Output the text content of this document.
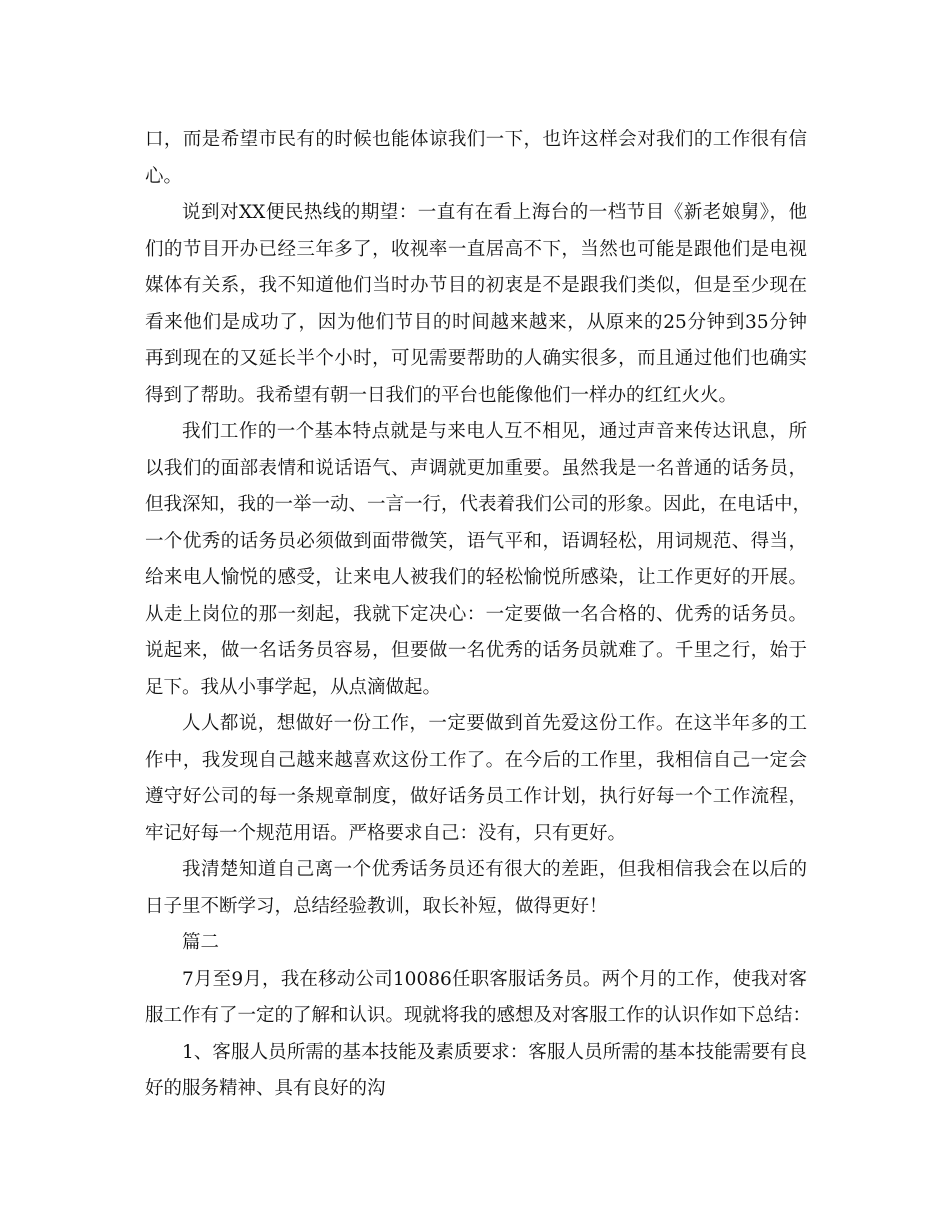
口，而是希望市民有的时候也能体谅我们一下，也许这样会对我们的工作很有信
心。
说到对XX便民热线的期望：一直有在看上海台的一档节目《新老娘舅》，他
们的节目开办已经三年多了，收视率一直居高不下，当然也可能是跟他们是电视
媒体有关系，我不知道他们当时办节目的初衷是不是跟我们类似，但是至少现在
看来他们是成功了，因为他们节目的时间越来越来，从原来的25分钟到35分钟
再到现在的又延长半个小时，可见需要帮助的人确实很多，而且通过他们也确实
得到了帮助。我希望有朝一日我们的平台也能像他们一样办的红红火火。
我们工作的一个基本特点就是与来电人互不相见，通过声音来传达讯息，所
以我们的面部表情和说话语气、声调就更加重要。虽然我是一名普通的话务员，
但我深知，我的一举一动、一言一行，代表着我们公司的形象。因此，在电话中，
一个优秀的话务员必须做到面带微笑，语气平和，语调轻松，用词规范、得当，
给来电人愉悦的感受，让来电人被我们的轻松愉悦所感染，让工作更好的开展。
从走上岗位的那一刻起，我就下定决心：一定要做一名合格的、优秀的话务员。
说起来，做一名话务员容易，但要做一名优秀的话务员就难了。千里之行，始于
足下。我从小事学起，从点滴做起。
人人都说，想做好一份工作，一定要做到首先爱这份工作。在这半年多的工
作中，我发现自己越来越喜欢这份工作了。在今后的工作里，我相信自己一定会
遵守好公司的每一条规章制度，做好话务员工作计划，执行好每一个工作流程，
牢记好每一个规范用语。严格要求自己：没有，只有更好。
我清楚知道自己离一个优秀话务员还有很大的差距，但我相信我会在以后的
日子里不断学习，总结经验教训，取长补短，做得更好！
篇二
7月至9月，我在移动公司10086任职客服话务员。两个月的工作，使我对客
服工作有了一定的了解和认识。现就将我的感想及对客服工作的认识作如下总结：
1、客服人员所需的基本技能及素质要求：客服人员所需的基本技能需要有良
好的服务精神、具有良好的沟
